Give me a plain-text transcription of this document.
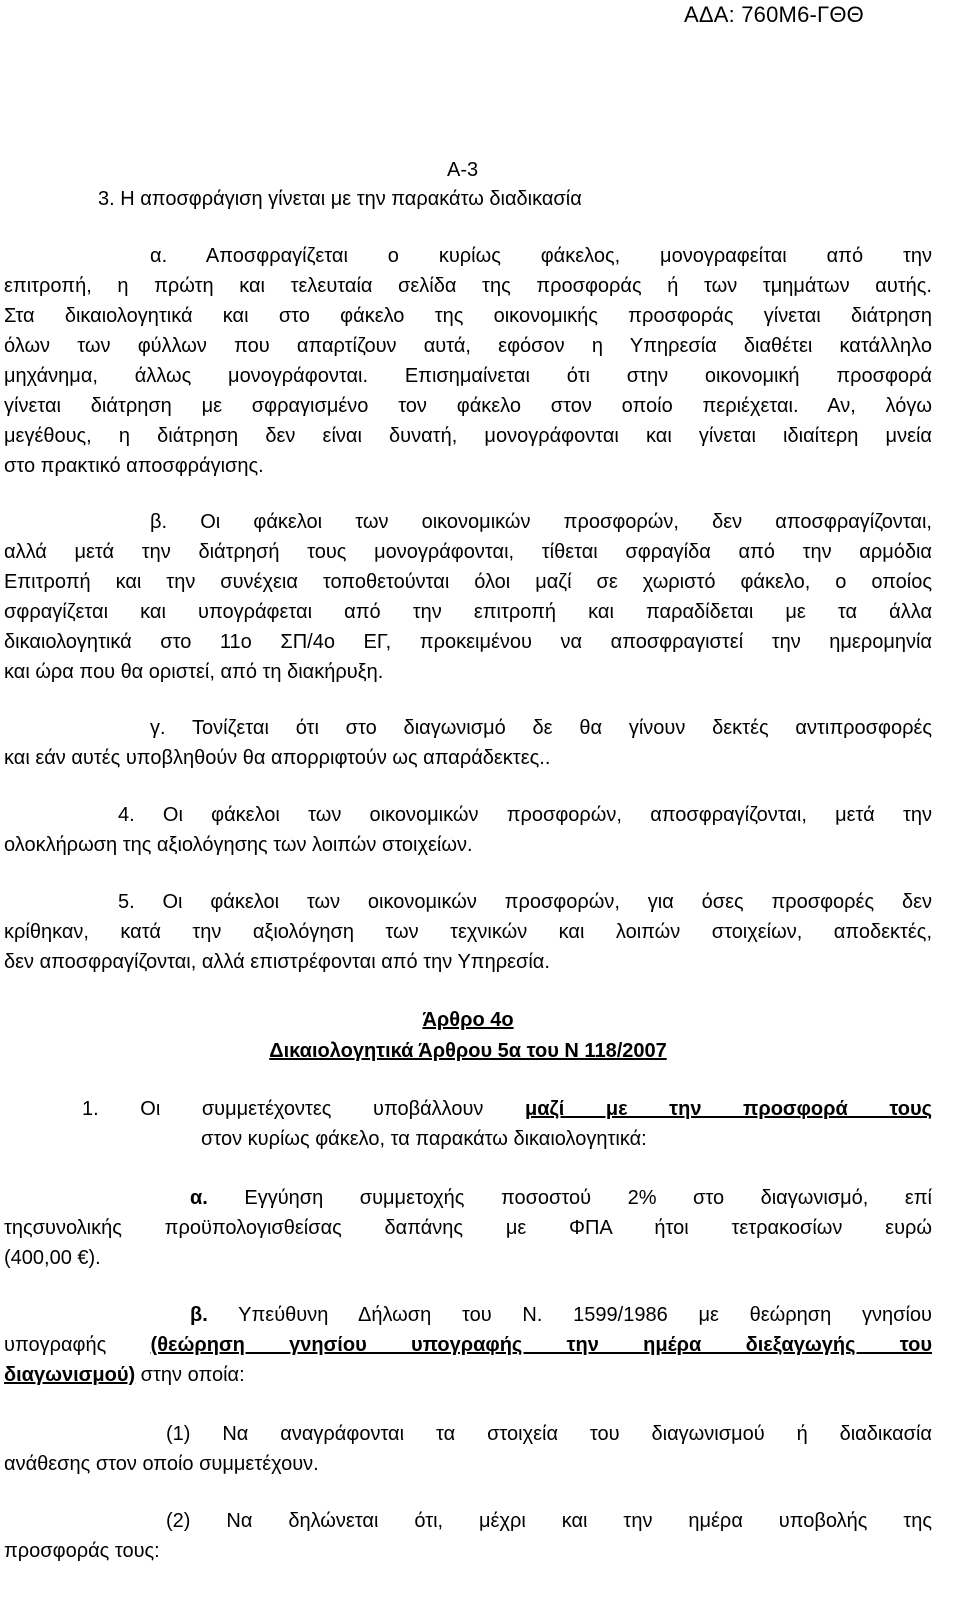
ΑΔΑ: 760Μ6-ΓΘΘ
Α-3
3. Η αποσφράγιση γίνεται με την παρακάτω διαδικασία
α. Αποσφραγίζεται ο κυρίως φάκελος, μονογραφείται από την
επιτροπή, η πρώτη και τελευταία σελίδα της προσφοράς ή των τμημάτων αυτής.
Στα δικαιολογητικά και στο φάκελο της οικονομικής προσφοράς γίνεται διάτρηση
όλων των φύλλων που απαρτίζουν αυτά, εφόσον η Υπηρεσία διαθέτει κατάλληλο
μηχάνημα, άλλως μονογράφονται. Επισημαίνεται ότι στην οικονομική προσφορά
γίνεται διάτρηση με σφραγισμένο τον φάκελο στον οποίο περιέχεται. Αν, λόγω
μεγέθους, η διάτρηση δεν είναι δυνατή, μονογράφονται και γίνεται ιδιαίτερη μνεία
στο πρακτικό αποσφράγισης.
β. Οι φάκελοι των οικονομικών προσφορών, δεν αποσφραγίζονται,
αλλά μετά την διάτρησή τους μονογράφονται, τίθεται σφραγίδα από την αρμόδια
Επιτροπή και την συνέχεια τοποθετούνται όλοι μαζί σε χωριστό φάκελο, ο οποίος
σφραγίζεται και υπογράφεται από την επιτροπή και παραδίδεται με τα άλλα
δικαιολογητικά στο 11ο ΣΠ/4ο ΕΓ, προκειμένου να αποσφραγιστεί την ημερομηνία
και ώρα που θα οριστεί, από τη διακήρυξη.
γ. Τονίζεται ότι στο διαγωνισμό δε θα γίνουν δεκτές αντιπροσφορές
και εάν αυτές υποβληθούν θα απορριφτούν ως απαράδεκτες..
4. Οι φάκελοι των οικονομικών προσφορών, αποσφραγίζονται, μετά την
ολοκλήρωση της αξιολόγησης των λοιπών στοιχείων.
5. Οι φάκελοι των οικονομικών προσφορών, για όσες προσφορές δεν
κρίθηκαν, κατά την αξιολόγηση των τεχνικών και λοιπών στοιχείων, αποδεκτές,
δεν αποσφραγίζονται, αλλά επιστρέφονται από την Υπηρεσία.
Άρθρο 4ο
Δικαιολογητικά Άρθρου 5α του Ν 118/2007
1. Οι συμμετέχοντες υποβάλλουν μαζί με την προσφορά τους
στον κυρίως φάκελο, τα παρακάτω δικαιολογητικά:
α. Εγγύηση συμμετοχής ποσοστού 2% στο διαγωνισμό, επί
τηςσυνολικής προϋπολογισθείσας δαπάνης με ΦΠΑ ήτοι τετρακοσίων ευρώ
(400,00 €).
β. Υπεύθυνη Δήλωση του Ν. 1599/1986 με θεώρηση γνησίου
υπογραφής (θεώρηση γνησίου υπογραφής την ημέρα διεξαγωγής του
διαγωνισμού) στην οποία:
(1) Να αναγράφονται τα στοιχεία του διαγωνισμού ή διαδικασία
ανάθεσης στον οποίο συμμετέχουν.
(2) Να δηλώνεται ότι, μέχρι και την ημέρα υποβολής της
προσφοράς τους:
